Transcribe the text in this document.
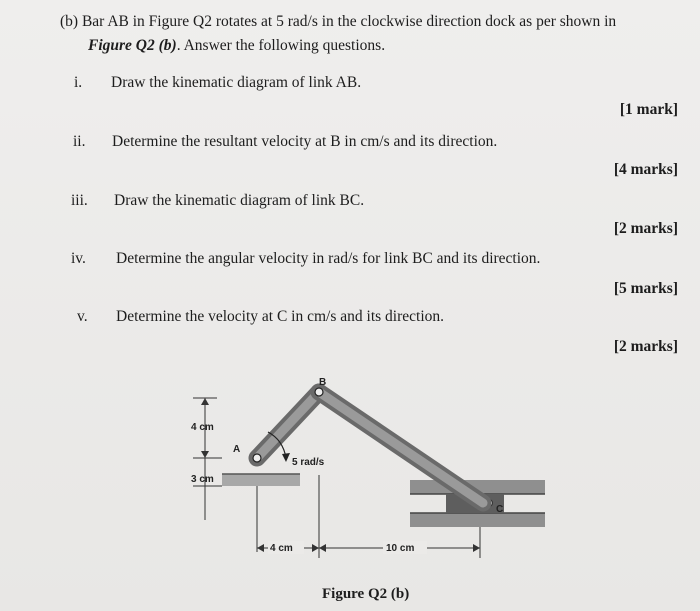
(b) Bar AB in Figure Q2 rotates at 5 rad/s in the clockwise direction dock as per shown in
Figure Q2 (b). Answer the following questions.
i. Draw the kinematic diagram of link AB.
[1 mark]
ii. Determine the resultant velocity at B in cm/s and its direction.
[4 marks]
iii. Draw the kinematic diagram of link BC.
[2 marks]
iv. Determine the angular velocity in rad/s for link BC and its direction.
[5 marks]
v. Determine the velocity at C in cm/s and its direction.
[2 marks]
B
A
C
5 rad/s
4 cm
3 cm
4 cm	10 cm
Figure Q2 (b)
